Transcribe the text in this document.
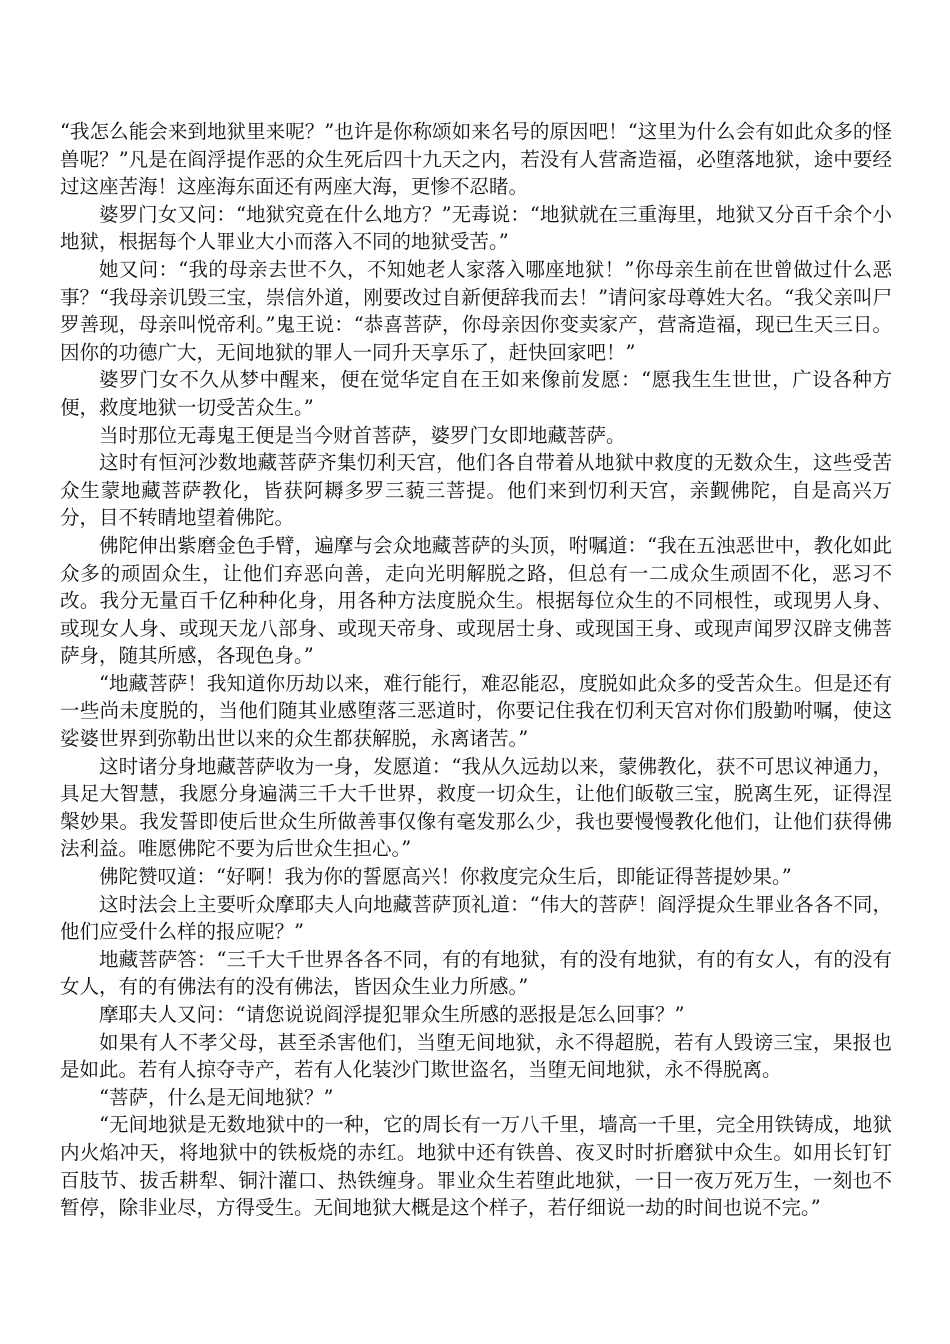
“我怎么能会来到地狱里来呢？”也许是你称颂如来名号的原因吧！“这里为什么会有如此众多的怪兽呢？”凡是在阎浮提作恶的众生死后四十九天之内，若没有人营斋造福，必堕落地狱，途中要经过这座苦海！这座海东面还有两座大海，更惨不忍睹。

婆罗门女又问：“地狱究竟在什么地方？”无毒说：“地狱就在三重海里，地狱又分百千余个小地狱，根据每个人罪业大小而落入不同的地狱受苦。”

她又问：“我的母亲去世不久，不知她老人家落入哪座地狱！”你母亲生前在世曾做过什么恶事？“我母亲讥毁三宝，崇信外道，刚要改过自新便辞我而去！”请问家母尊姓大名。“我父亲叫尸罗善现，母亲叫悦帝利。”鬼王说：“恭喜菩萨，你母亲因你变卖家产，营斋造福，现已生天三日。因你的功德广大，无间地狱的罪人一同升天享乐了，赶快回家吧！”

婆罗门女不久从梦中醒来，便在觉华定自在王如来像前发愿：“愿我生生世世，广设各种方便，救度地狱一切受苦众生。”

当时那位无毒鬼王便是当今财首菩萨，婆罗门女即地藏菩萨。

这时有恒河沙数地藏菩萨齐集忉利天宫，他们各自带着从地狱中救度的无数众生，这些受苦众生蒙地藏菩萨教化，皆获阿耨多罗三藐三菩提。他们来到忉利天宫，亲觐佛陀，自是高兴万分，目不转睛地望着佛陀。

佛陀伸出紫磨金色手臂，遍摩与会众地藏菩萨的头顶，咐嘱道：“我在五浊恶世中，教化如此众多的顽固众生，让他们弃恶向善，走向光明解脱之路，但总有一二成众生顽固不化，恶习不改。我分无量百千亿种种化身，用各种方法度脱众生。根据每位众生的不同根性，或现男人身、或现女人身、或现天龙八部身、或现天帝身、或现居士身、或现国王身、或现声闻罗汉辟支佛菩萨身，随其所感，各现色身。”

“地藏菩萨！我知道你历劫以来，难行能行，难忍能忍，度脱如此众多的受苦众生。但是还有一些尚未度脱的，当他们随其业感堕落三恶道时，你要记住我在忉利天宫对你们殷勤咐嘱，使这娑婆世界到弥勒出世以来的众生都获解脱，永离诸苦。”

这时诸分身地藏菩萨收为一身，发愿道：“我从久远劫以来，蒙佛教化，获不可思议神通力，具足大智慧，我愿分身遍满三千大千世界，救度一切众生，让他们皈敬三宝，脱离生死，证得涅槃妙果。我发誓即使后世众生所做善事仅像有毫发那么少，我也要慢慢教化他们，让他们获得佛法利益。唯愿佛陀不要为后世众生担心。”

佛陀赞叹道：“好啊！我为你的誓愿高兴！你救度完众生后，即能证得菩提妙果。”

这时法会上主要听众摩耶夫人向地藏菩萨顶礼道：“伟大的菩萨！阎浮提众生罪业各各不同，他们应受什么样的报应呢？”

地藏菩萨答：“三千大千世界各各不同，有的有地狱，有的没有地狱，有的有女人，有的没有女人，有的有佛法有的没有佛法，皆因众生业力所感。”

摩耶夫人又问：“请您说说阎浮提犯罪众生所感的恶报是怎么回事？”

如果有人不孝父母，甚至杀害他们，当堕无间地狱，永不得超脱，若有人毁谤三宝，果报也是如此。若有人掠夺寺产，若有人化装沙门欺世盗名，当堕无间地狱，永不得脱离。

“菩萨，什么是无间地狱？”

“无间地狱是无数地狱中的一种，它的周长有一万八千里，墙高一千里，完全用铁铸成，地狱内火焰冲天，将地狱中的铁板烧的赤红。地狱中还有铁兽、夜叉时时折磨狱中众生。如用长钉钉百肢节、拔舌耕犁、铜汁灌口、热铁缠身。罪业众生若堕此地狱，一日一夜万死万生，一刻也不暂停，除非业尽，方得受生。无间地狱大概是这个样子，若仔细说一劫的时间也说不完。”
